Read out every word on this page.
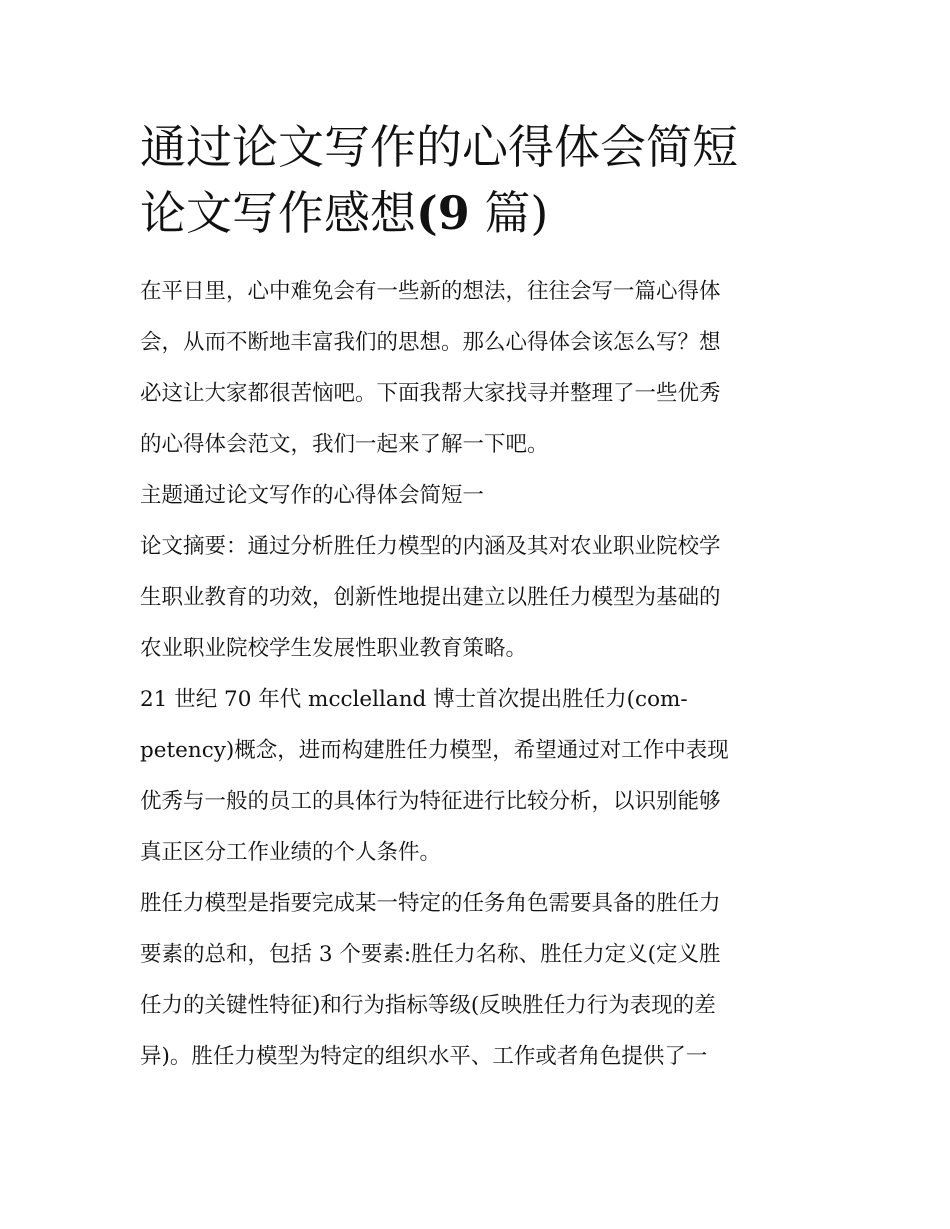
通过论文写作的心得体会简短
论文写作感想(9 篇)

在平日里，心中难免会有一些新的想法，往往会写一篇心得体
会，从而不断地丰富我们的思想。那么心得体会该怎么写？想
必这让大家都很苦恼吧。下面我帮大家找寻并整理了一些优秀
的心得体会范文，我们一起来了解一下吧。

主题通过论文写作的心得体会简短一

论文摘要：通过分析胜任力模型的内涵及其对农业职业院校学
生职业教育的功效，创新性地提出建立以胜任力模型为基础的
农业职业院校学生发展性职业教育策略。

21 世纪 70 年代 mcclelland 博士首次提出胜任力(com-
petency)概念，进而构建胜任力模型，希望通过对工作中表现
优秀与一般的员工的具体行为特征进行比较分析，以识别能够
真正区分工作业绩的个人条件。

胜任力模型是指要完成某一特定的任务角色需要具备的胜任力
要素的总和，包括 3 个要素:胜任力名称、胜任力定义(定义胜
任力的关键性特征)和行为指标等级(反映胜任力行为表现的差
异)。胜任力模型为特定的组织水平、工作或者角色提供了一
